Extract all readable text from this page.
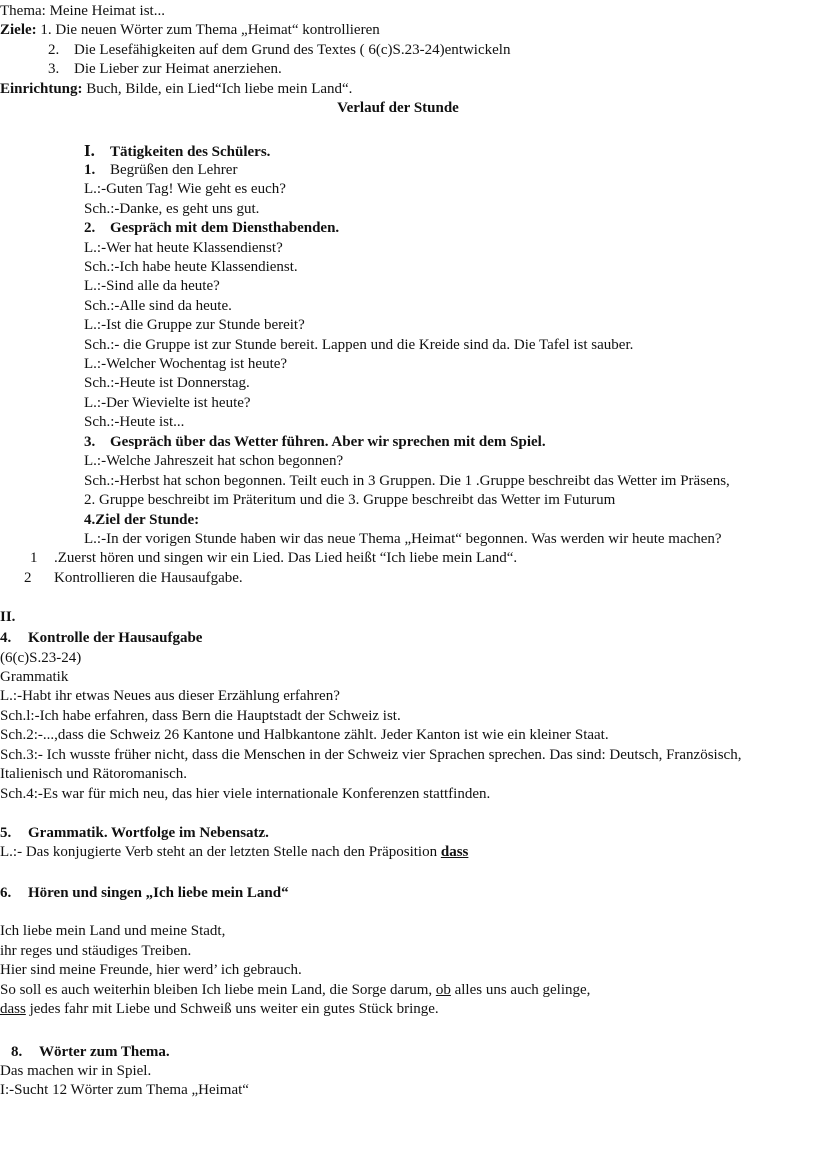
Thema: Meine Heimat ist...
Ziele: 1. Die neuen Wörter zum Thema „Heimat“ kontrollieren
2. Die Lesefähigkeiten auf dem Grund des Textes ( 6(c)S.23-24)entwickeln
3. Die Lieber zur Heimat anerziehen.
Einrichtung: Buch, Bilde, ein Lied“Ich liebe mein Land“.
Verlauf der Stunde
I. Tätigkeiten des Schülers.
1. Begrüßen den Lehrer
L.:-Guten Tag! Wie geht es euch?
Sch.:-Danke, es geht uns gut.
2. Gespräch mit dem Diensthabenden.
L.:-Wer hat heute Klassendienst?
Sch.:-Ich habe heute Klassendienst.
L.:-Sind alle da heute?
Sch.:-Alle sind da heute.
L.:-Ist die Gruppe zur Stunde bereit?
Sch.:- die Gruppe ist zur Stunde bereit. Lappen und die Kreide sind da. Die Tafel ist sauber.
L.:-Welcher Wochentag ist heute?
Sch.:-Heute ist Donnerstag.
L.:-Der Wievielte ist heute?
Sch.:-Heute ist...
3. Gespräch über das Wetter führen. Aber wir sprechen mit dem Spiel.
L.:-Welche Jahreszeit hat schon begonnen?
Sch.:-Herbst hat schon begonnen. Teilt euch in 3 Gruppen. Die 1 .Gruppe beschreibt das Wetter im Präsens,
2. Gruppe beschreibt im Präteritum und die 3. Gruppe beschreibt das Wetter im Futurum
4.Ziel der Stunde:
L.:-In der vorigen Stunde haben wir das neue Thema „Heimat“ begonnen. Was werden wir heute machen?
1 .Zuerst hören und singen wir ein Lied. Das Lied heißt “Ich liebe mein Land“.
2 Kontrollieren die Hausaufgabe.
II.
4. Kontrolle der Hausaufgabe
(6(c)S.23-24)
Grammatik
L.:-Habt ihr etwas Neues aus dieser Erzählung erfahren?
Sch.l:-Ich habe erfahren, dass Bern die Hauptstadt der Schweiz ist.
Sch.2:-...,dass die Schweiz 26 Kantone und Halbkantone zählt. Jeder Kanton ist wie ein kleiner Staat.
Sch.3:- Ich wusste früher nicht, dass die Menschen in der Schweiz vier Sprachen sprechen. Das sind: Deutsch, Französisch,
Italienisch und Rätoromanisch.
Sch.4:-Es war für mich neu, das hier viele internationale Konferenzen stattfinden.
5. Grammatik. Wortfolge im Nebensatz.
L.:- Das konjugierte Verb steht an der letzten Stelle nach den Präposition dass
6. Hören und singen „Ich liebe mein Land“
Ich liebe mein Land und meine Stadt,
ihr reges und stäudiges Treiben.
Hier sind meine Freunde, hier werd’ ich gebrauch.
So soll es auch weiterhin bleiben Ich liebe mein Land, die Sorge darum, ob alles uns auch gelinge,
dass jedes fahr mit Liebe und Schweiß uns weiter ein gutes Stück bringe.
8. Wörter zum Thema.
Das machen wir in Spiel.
I:-Sucht 12 Wörter zum Thema „Heimat“
